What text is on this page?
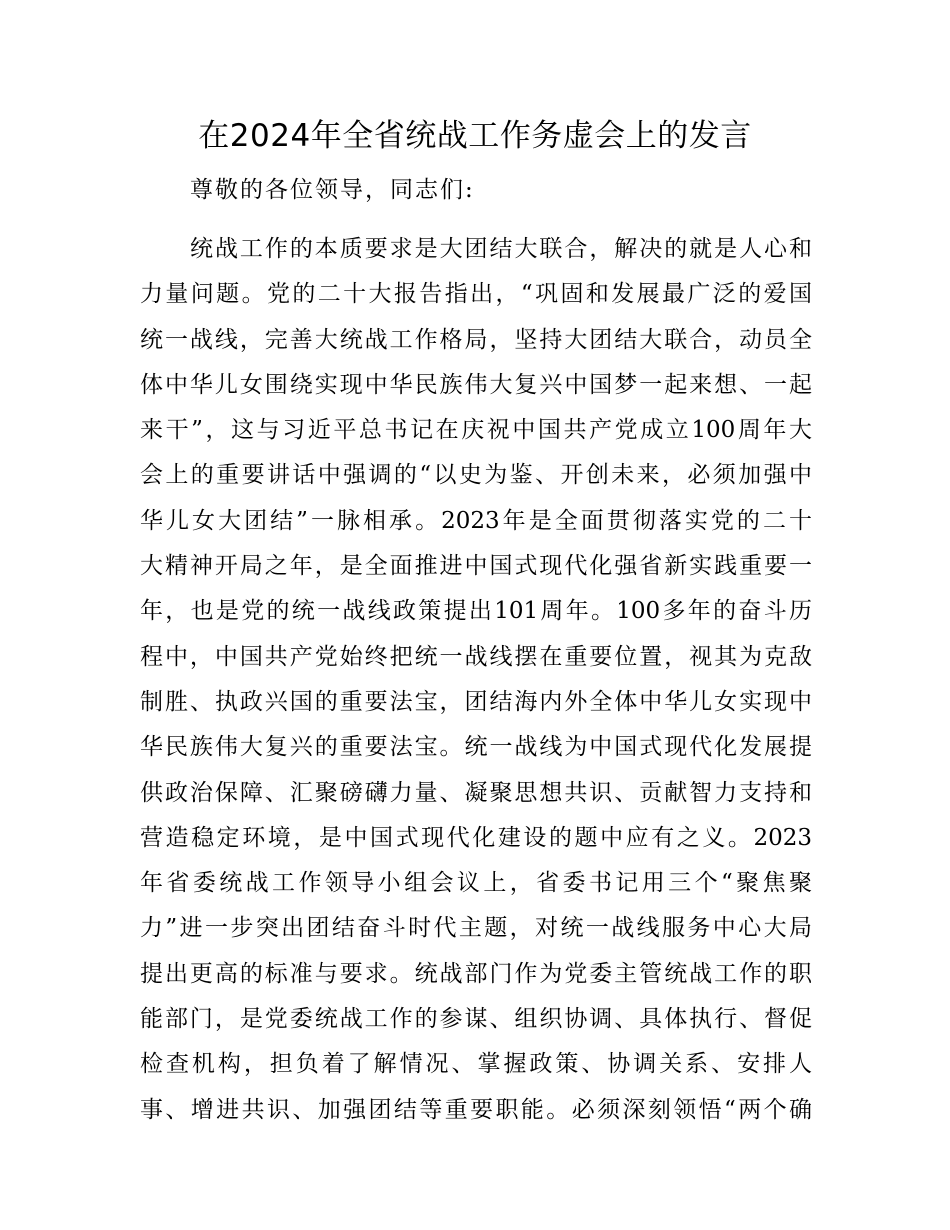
在2024年全省统战工作务虚会上的发言

尊敬的各位领导，同志们:

统战工作的本质要求是大团结大联合，解决的就是人心和
力量问题。党的二十大报告指出，“巩固和发展最广泛的爱国
统一战线，完善大统战工作格局，坚持大团结大联合，动员全
体中华儿女围绕实现中华民族伟大复兴中国梦一起来想、一起
来干”，这与习近平总书记在庆祝中国共产党成立100周年大
会上的重要讲话中强调的“以史为鉴、开创未来，必须加强中
华儿女大团结”一脉相承。2023年是全面贯彻落实党的二十
大精神开局之年，是全面推进中国式现代化强省新实践重要一
年，也是党的统一战线政策提出101周年。100多年的奋斗历
程中，中国共产党始终把统一战线摆在重要位置，视其为克敌
制胜、执政兴国的重要法宝，团结海内外全体中华儿女实现中
华民族伟大复兴的重要法宝。统一战线为中国式现代化发展提
供政治保障、汇聚磅礴力量、凝聚思想共识、贡献智力支持和
营造稳定环境，是中国式现代化建设的题中应有之义。2023
年省委统战工作领导小组会议上，省委书记用三个“聚焦聚
力”进一步突出团结奋斗时代主题，对统一战线服务中心大局
提出更高的标准与要求。统战部门作为党委主管统战工作的职
能部门，是党委统战工作的参谋、组织协调、具体执行、督促
检查机构，担负着了解情况、掌握政策、协调关系、安排人
事、增进共识、加强团结等重要职能。必须深刻领悟“两个确
